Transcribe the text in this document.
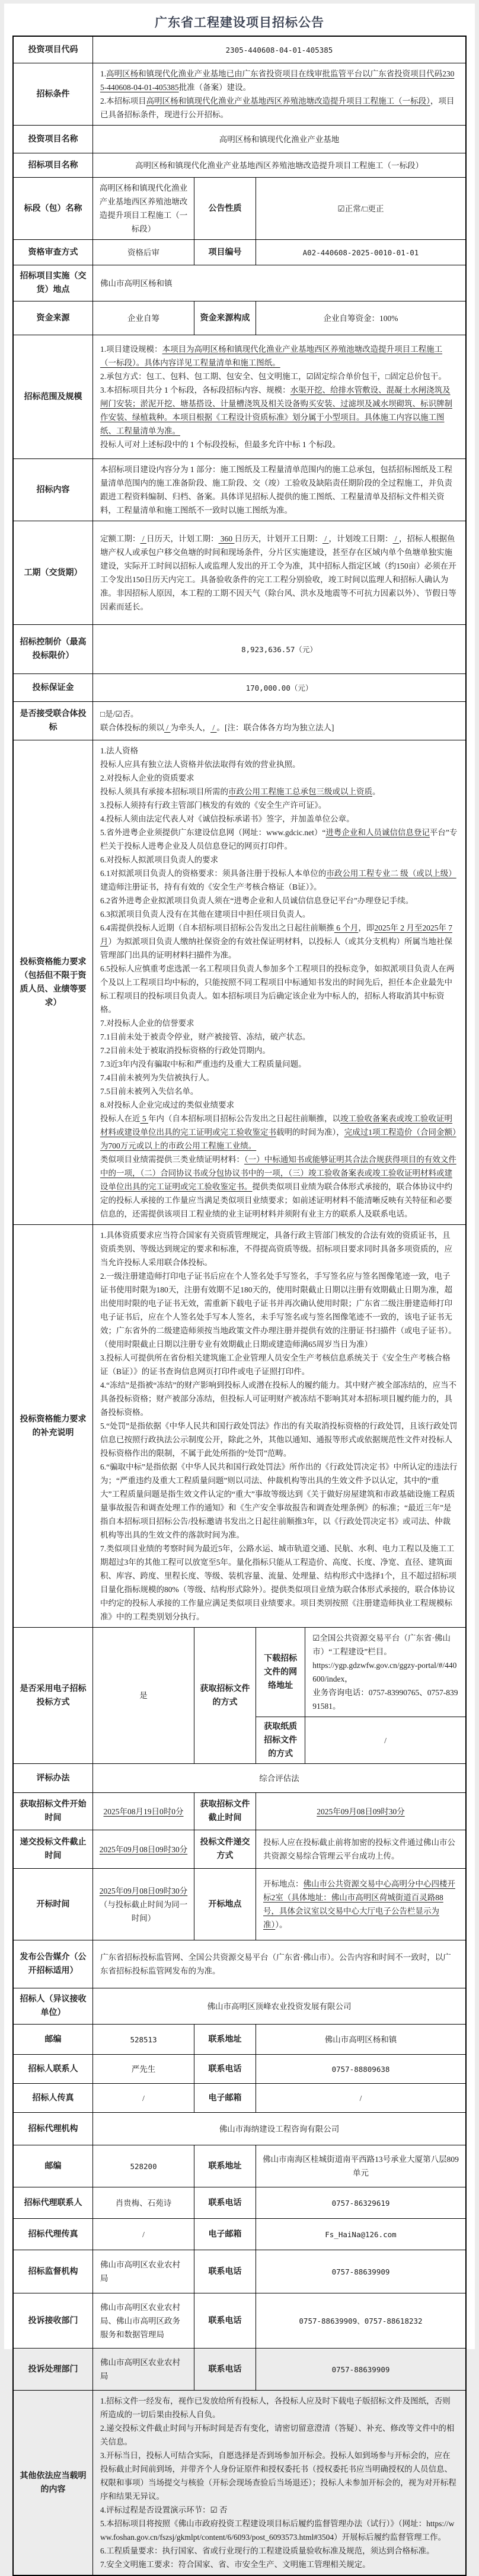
广东省工程建设项目招标公告
投资项目代码	2305-440608-04-01-405385			
招标条件	1.高明区杨和镇现代化渔业产业基地已由广东省投资项目在线审批监管平台以广东省投资项目代码2305-440608-04-01-405385批准（备案）建设。
2.本招标项目高明区杨和镇现代化渔业产业基地西区养殖池塘改造提升项目工程施工（一标段），项目已具备招标条件，现进行公开招标。			

投资项目名称	高明区杨和镇现代化渔业产业基地			
招标项目名称	高明区杨和镇现代化渔业产业基地西区养殖池塘改造提升项目工程施工（一标段）			
标段（包）名称	高明区杨和镇现代化渔业产业基地西区养殖池塘改造提升项目工程施工（一标段）	公告性质	☑正常/□更正	
资格审查方式	资格后审	项目编号	A02-440608-2025-0010-01-01	
招标项目实施（交货）地点	佛山市高明区杨和镇			
资金来源	企业自筹	资金来源构成	企业自筹资金：100%	
招标范围及规模	1.项目建设规模：本项目为高明区杨和镇现代化渔业产业基地西区养殖池塘改造提升项目工程施工（一标段）。具体内容详见工程量清单和施工图纸。
2.承包方式：包工、包料、包工期、包安全、包文明施工，☑固定综合单价包干，□固定总价包干。
3.本招标项目共分 1 个标段，各标段招标内容、规模：水渠开挖、给排水管敷设、混凝土水闸浇筑及闸门安装；淤泥开挖、塘基搭设、计量槽浇筑及相关设备购买安装、过滤坝及减水坝砌筑、标识牌制作安装、绿植栽种。本项目根据《工程设计资质标准》划分属于小型项目。具体施工内容以施工图纸、工程量清单为准。
投标人可对上述标段中的 1 个标段投标，但最多允许中标 1 个标段。			

招标内容	本招标项目建设内容分为 1 部分：施工图纸及工程量清单范围内的施工总承包，包括招标图纸及工程量清单范围内的施工准备阶段、施工阶段、交（竣）工验收及缺陷责任期阶段的全过程施工，并负责跟进工程资料编制、归档、备案。具体详见招标人提供的施工图纸、工程量清单及招标文件相关资料，工程量清单和施工图纸不一致时以施工图纸为准。			

工期（交货期）	定额工期： / 日历天，计划工期： 360 日历天，计划开工日期： / ，计划竣工日期： / ，招标人根据鱼塘产权人或承包户移交鱼塘的时间和现场条件，分片区实施建设，甚至存在区域内单个鱼塘单独实施建设，实际开工时间以招标人或监理人发出的开工令为准，其中招标人指定区域（约150亩）必须在开工令发出150日历天内完工。具备验收条件的完工工程分别验收，竣工时间以监理人和招标人确认为准。非因招标人原因，本工程的工期不因天气（除台风、洪水及地震等不可抗力因素以外）、节假日等因素而延长。			

招标控制价（最高投标限价）	8,923,636.57（元）			
投标保证金	170,000.00（元）			
是否接受联合体投标	□是/☑否。
联合体投标的须以 / 为牵头人， / 。[注：联合体各方均为独立法人]			

投标资格能力要求（包括但不限于资质人员、业绩等要求）	
1.法人资格
投标人应具有独立法人资格并依法取得有效的营业执照。
2.对投标人企业的资质要求
投标人须具有承接本招标项目所需的市政公用工程施工总承包三级或以上资质。
3.投标人须持有行政主管部门核发的有效的《安全生产许可证》。
4.投标人须由法定代表人对《诚信投标承诺书》签字，并加盖单位公章。
5.省外进粤企业须提供广东建设信息网（网址：www.gdcic.net）“进粤企业和人员诚信信息登记平台”专栏关于投标人进粤企业及人员信息登记的网页打印件。
6.对投标人拟派项目负责人的要求
6.1对拟派项目负责人的资格要求：须具备注册于投标人本单位的市政公用工程专业二 级（或以上级）建造师注册证书，持有有效的《安全生产考核合格证（B证）》。
6.2省外进粤企业拟派项目负责人须在“进粤企业和人员诚信信息登记平台”办理登记手续。
6.3拟派项目负责人没有在其他在建项目中担任项目负责人。
6.4需提供投标人近期（自本招标项目招标公告发出之日起往前顺推 6 个月，即2025年 2 月至2025年 7 月）为拟派项目负责人缴纳社保资金的有效社保证明材料，以投标人（或其分支机构）所属当地社保管理部门出具的证明材料扫描件为准。
6.5投标人应慎重考虑选派一名工程项目负责人参加多个工程项目的投标竞争，如拟派项目负责人在两个及以上工程项目均中标的，只能按照不同工程项目中标通知书发出的时间先后，担任本企业最先中标工程项目的投标项目负责人。如本招标项目为后确定该企业为中标人的，招标人将取消其中标资格。
7.对投标人企业的信誉要求
7.1目前未处于被责令停业，财产被接管、冻结，破产状态。
7.2目前未处于被取消投标资格的行政处罚期内。
7.3近3年内没有骗取中标和严重违约及重大工程质量问题。
7.4目前未被列为失信被执行人。
7.5目前未被列入失信名单。
8.对投标人企业完成过的类似业绩要求
投标人在近 5 年内（自本招标项目招标公告发出之日起往前顺推，以竣工验收备案表或竣工验收证明材料或建设单位出具的完工证明或完工验收鉴定书载明的时间为准），完成过1项工程造价（合同金额）为700万元或以上的市政公用工程施工业绩。
类似项目业绩需提供三类业绩证明材料：（一）中标通知书或能够证明其合法合规获得项目的有效文件中的一项，（二）合同协议书或分包协议书中的一项，（三）竣工验收备案表或竣工验收证明材料或建设单位出具的完工证明或完工验收鉴定书。提供类似项目业绩为联合体形式承接的，联合体协议中约定的投标人承接的工作量应当满足类似项目业绩要求；如前述证明材料不能清晰反映有关特征和必要信息的，还需提供该项目工程业绩的业主证明材料并须附有业主方的联系人及联系电话。

投标资格能力要求的补充说明	
1.具体资质要求应当符合国家有关资质管理规定，具备行政主管部门核发的合法有效的资质证书，且资质类别、等级达到规定的要求和标准，不得提高资质等级。招标项目要求同时具备多项资质的，应当允许投标人采用联合体投标。
2.一级注册建造师打印电子证书后应在个人签名处手写签名，手写签名应与签名图像笔迹一致，电子证书使用时限为180天，注册有效期不足180天的，使用时限截止日期以注册有效期截止日期为准，超出使用时限的电子证书无效，需重新下载电子证书并再次确认使用时限；广东省二级注册建造师打印电子证书后，应在个人签名处手写本人签名，未手写签名或与签名图像笔迹不一致的，该电子证书无效；广东省外的二级建造师须按当地政策文件办理注册并提供有效的注册证书扫描件（或电子证书）。（使用时限截止日期以注册专业有效期截止日期或建造师满65周岁当日为准）
3.投标人可提供所在省份相关建筑施工企业管理人员安全生产考核信息系统关于《安全生产考核合格证（B证）》的证书查询信息网页打印件或电子证照打印件。
4.“冻结”是指被“冻结”的财产影响到投标人或潜在投标人的履约能力。其中财产被全部冻结的，应当不具备投标资格；财产被部分冻结，但投标人可证明财产被冻结不影响其对本招标项目履约能力的，具备投标资格。
5.“处罚”是指依据《中华人民共和国行政处罚法》作出的有关取消投标资格的行政处罚，且该行政处罚信息已按照行政执法公示制度公开，除此之外，其他以通知、通报等形式或依据规范性文件对投标人投标资格作出的限制，不属于此处所指的“处罚”范畴。
6.“骗取中标”是指依据《中华人民共和国行政处罚法》所作出的《行政处罚决定书》中所认定的违法行为；“严重违约及重大工程质量问题”则以司法、仲裁机构等出具的生效文件予以认定，其中的“重大”工程质量问题是指生效文件认定的“重大”事故等级达到《关于做好房屋建筑和市政基础设施工程质量事故报告和调查处理工作的通知》和《生产安全事故报告和调查处理条例》的标准；“最近三年”是指自本招标项目招标公告/投标邀请书发出之日起往前顺推3年，以《行政处罚决定书》或司法、仲裁机构等出具的生效文件的落款时间为准。
7.类似项目业绩的考察时间为最近5年，公路水运、城市轨道交通、民航、水利、电力工程以及施工工期超过3年的其他工程可以放宽至5年。量化指标只能从工程造价、高度、长度、净宽、直径、建筑面积、库容、跨度、里程长度、等级、装机容量、流量、处理量、结构形式中选择1个，且不超过招标项目量化指标规模的80%（等级、结构形式除外）。提供类似项目业绩为联合体形式承接的，联合体协议中约定的投标人承接的工作量应满足类似项目业绩要求。项目类别按照《注册建造师执业工程规模标准》中的工程类别划分执行。

是否采用电子招标投标方式	是	获取招标文件的方式	下载招标文件的网络地址	☑全国公共资源交易平台（广东省·佛山市）“工程建设”栏目。
https://ygp.gdzwfw.gov.cn/ggzy-portal/#/440600/index，
业务咨询电话：0757-83990765、0757-83991581。

			获取纸质招标文件的方式	/
评标办法	综合评估法			
获取招标文件开始时间	2025年08月19日0时0分	获取招标文件截止时间	2025年09月08日09时30分	
递交投标文件截止时间	2025年09月08日09时30分	投标文件递交方式	投标人应在投标截止前将加密的投标文件通过佛山市公共资源交易综合管理云平台成功上传。	
开标时间	2025年09月08日09时30分（与投标截止时间为同一时间）	开标地点	开标地点：佛山市公共资源交易中心高明分中心四楼开标2室（具体地址：佛山市高明区荷城街道百灵路88号，具体会议室以交易中心大厅电子公告栏显示为准））。	

发布公告媒介（公开招标适用）	广东省招标投标监管网、全国公共资源交易平台（广东省·佛山市）。公告内容和时间不一致时，以广东省招标投标监管网发布的为准。			
招标人（异议接收单位）	佛山市高明区顶峰农业投资发展有限公司			
邮编	528513	联系地址	佛山市高明区杨和镇	
招标人联系人	严先生	联系电话	0757-88809638	
招标人传真	/	电子邮箱	/	
招标代理机构	佛山市海纳建设工程咨询有限公司			
邮编	528200	联系地址	佛山市南海区桂城街道南平西路13号承业大厦第八层809单元	
招标代理联系人	肖贵梅、石苑诗	联系电话	0757-86329619	
招标代理传真	/	电子邮箱	Fs_HaiNa@126.com	
招标监督机构	佛山市高明区农业农村局	联系电话	0757-88639909	
投诉接收部门	佛山市高明区农业农村局、佛山市高明区政务服务和数据管理局	联系电话	0757-88639909、0757-88618232	
投诉处理部门	佛山市高明区农业农村局	联系电话	0757-88639909	
其他依法应当载明的内容	
1.招标文件一经发布，视作已发放给所有投标人，各投标人应及时下载电子版招标文件及图纸，否则所造成的一切后果由投标人自负。
2.递交投标文件截止时间与开标时间是否有变化，请密切留意澄清（答疑）、补充、修改等文件中的相关信息。
3.开标当日，投标人可结合实际，自愿选择是否到场参加开标会。投标人如到场参与开标会的，应在投标截止时间前到场，并带齐个人身份证原件和授权委托书（授权委托书应当明确授权的人员信息、权限和事项）当场提交与核验（开标会现场查验后当场退还）；投标人未参加开标会的，视为对开标程序和结果无异议。
4.评标过程是否设置演示环节：☑ 否
5.本招标项目将按照《佛山市政府投资工程建设项目标后履约监督管理办法（试行）》（网址：https://www.foshan.gov.cn/fszsj/gkmlpt/content/6/6093/post_6093573.html#3504）开展标后履约监督管理工作。
6.工程质量要求：执行国家、省或行业现行的工程建设质量验收标准及规范，须达到合格标准。
7.安全文明施工要求：符合国家、省、市安全生产、文明施工管理相关规定。
